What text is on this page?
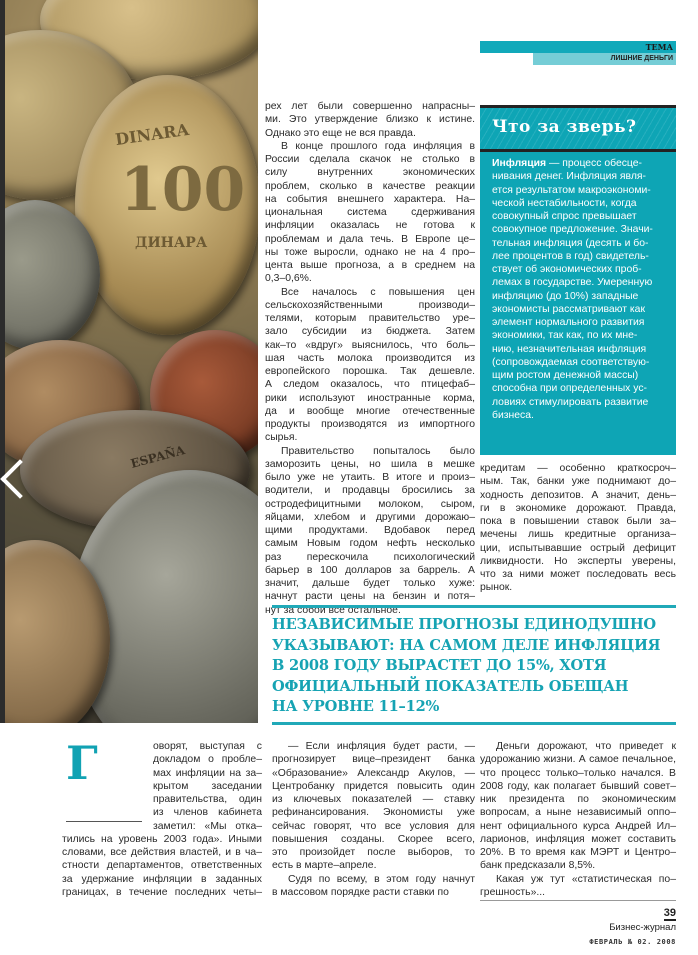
DINARA
100
ДИНАРА
ESPAÑA
ТЕМА
ЛИШНИЕ ДЕНЬГИ
рех лет были совершенно напрасны–
ми. Это утверждение близко к истине.
Однако это еще не вся правда.
В конце прошлого года инфляция в
России сделала скачок не столько в
силу внутренних экономических
проблем, сколько в качестве реакции
на события внешнего характера. На–
циональная система сдерживания
инфляции оказалась не готова к
проблемам и дала течь. В Европе це–
ны тоже выросли, однако не на 4 про–
цента выше прогноза, а в среднем на
0,3–0,6%.
Все началось с повышения цен
сельскохозяйственными производи–
телями, которым правительство уре–
зало субсидии из бюджета. Затем
как–то «вдруг» выяснилось, что боль–
шая часть молока производится из
европейского порошка. Так дешевле.
А следом оказалось, что птицефаб–
рики используют иностранные корма,
да и вообще многие отечественные
продукты производятся из импортного
сырья.
Правительство попыталось было
заморозить цены, но шила в мешке
было уже не утаить. В итоге и произ–
водители, и продавцы бросились за
остродефицитными молоком, сыром,
яйцами, хлебом и другими дорожаю–
щими продуктами. Вдобавок перед
самым Новым годом нефть несколько
раз перескочила психологический
барьер в 100 долларов за баррель. А
значит, дальше будет только хуже:
начнут расти цены на бензин и потя–
нут за собой все остальное.
Что за зверь?
Инфляция — процесс обесце-
нивания денег. Инфляция явля-
ется результатом макроэкономи-
ческой нестабильности, когда
совокупный спрос превышает
совокупное предложение. Значи-
тельная инфляция (десять и бо-
лее процентов в год) свидетель-
ствует об экономических проб-
лемах в государстве. Умеренную
инфляцию (до 10%) западные
экономисты рассматривают как
элемент нормального развития
экономики, так как, по их мне-
нию, незначительная инфляция
(сопровождаемая соответствую-
щим ростом денежной массы)
способна при определенных ус-
ловиях стимулировать развитие
бизнеса.
кредитам — особенно краткосроч–
ным. Так, банки уже поднимают до–
ходность депозитов. А значит, день–
ги в экономике дорожают. Правда,
пока в повышении ставок были за–
мечены лишь кредитные организа–
ции, испытывавшие острый дефицит
ликвидности. Но эксперты уверены,
что за ними может последовать весь
рынок.
НЕЗАВИСИМЫЕ ПРОГНОЗЫ ЕДИНОДУШНО
УКАЗЫВАЮТ: НА САМОМ ДЕЛЕ ИНФЛЯЦИЯ
В 2008 ГОДУ ВЫРАСТЕТ ДО 15%, ХОТЯ
ОФИЦИАЛЬНЫЙ ПОКАЗАТЕЛЬ ОБЕЩАН
НА УРОВНЕ 11–12%
Г	оворят, выступая с
докладом о пробле–
мах инфляции на за–
крытом заседании
правительства, один
из членов кабинета
заметил: «Мы отка–
тились на уровень 2003 года». Иными
словами, все действия властей, и в ча–
стности департаментов, ответственных
за удержание инфляции в заданных
границах, в течение последних четы–
— Если инфляция будет расти, —
прогнозирует вице–президент банка
«Образование» Александр Акулов, —
Центробанку придется повысить один
из ключевых показателей — ставку
рефинансирования. Экономисты уже
сейчас говорят, что все условия для
повышения созданы. Скорее всего,
это произойдет после выборов, то
есть в марте–апреле.
Судя по всему, в этом году начнут
в массовом порядке расти ставки по
Деньги дорожают, что приведет к
удорожанию жизни. А самое печальное,
что процесс только–только начался. В
2008 году, как полагает бывший совет–
ник президента по экономическим
вопросам, а ныне независимый оппо–
нент официального курса Андрей Ил–
ларионов, инфляция может составить
20%. В то время как МЭРТ и Центро–
банк предсказали 8,5%.
Какая уж тут «статистическая по–
грешность»...
39
Бизнес-журнал
ФЕВРАЛЬ № 02. 2008
